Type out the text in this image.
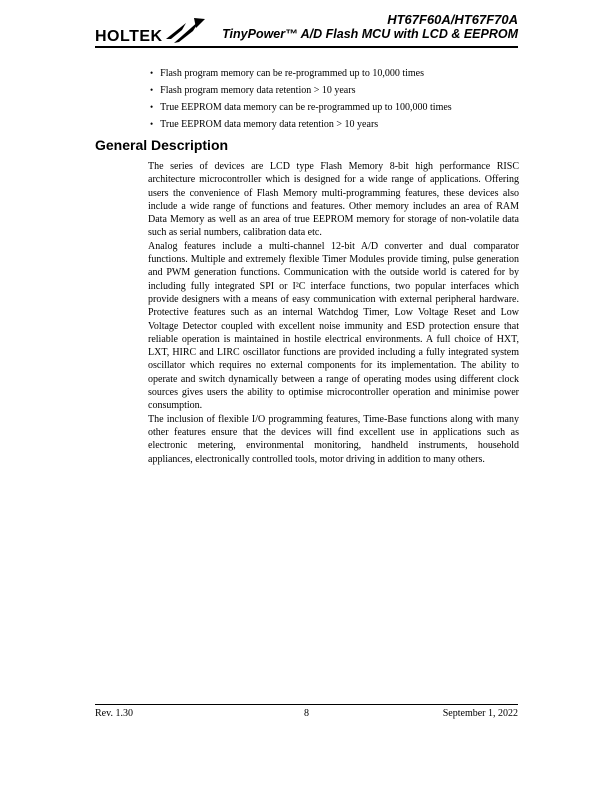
HOLTEK
HT67F60A/HT67F70A
TinyPower™ A/D Flash MCU with LCD & EEPROM
• Flash program memory can be re-programmed up to 10,000 times
• Flash program memory data retention > 10 years
• True EEPROM data memory can be re-programmed up to 100,000 times
• True EEPROM data memory data retention > 10 years
General Description

The series of devices are LCD type Flash Memory 8-bit high performance RISC architecture microcontroller which is designed for a wide range of applications. Offering users the convenience of Flash Memory multi-programming features, these devices also include a wide range of functions and features. Other memory includes an area of RAM Data Memory as well as an area of true EEPROM memory for storage of non-volatile data such as serial numbers, calibration data etc.

Analog features include a multi-channel 12-bit A/D converter and dual comparator functions. Multiple and extremely flexible Timer Modules provide timing, pulse generation and PWM generation functions. Communication with the outside world is catered for by including fully integrated SPI or I²C interface functions, two popular interfaces which provide designers with a means of easy communication with external peripheral hardware. Protective features such as an internal Watchdog Timer, Low Voltage Reset and Low Voltage Detector coupled with excellent noise immunity and ESD protection ensure that reliable operation is maintained in hostile electrical environments. A full choice of HXT, LXT, HIRC and LIRC oscillator functions are provided including a fully integrated system oscillator which requires no external components for its implementation. The ability to operate and switch dynamically between a range of operating modes using different clock sources gives users the ability to optimise microcontroller operation and minimise power consumption.

The inclusion of flexible I/O programming features, Time-Base functions along with many other features ensure that the devices will find excellent use in applications such as electronic metering, environmental monitoring, handheld instruments, household appliances, electronically controlled tools, motor driving in addition to many others.

Rev. 1.30	8	September 1, 2022
